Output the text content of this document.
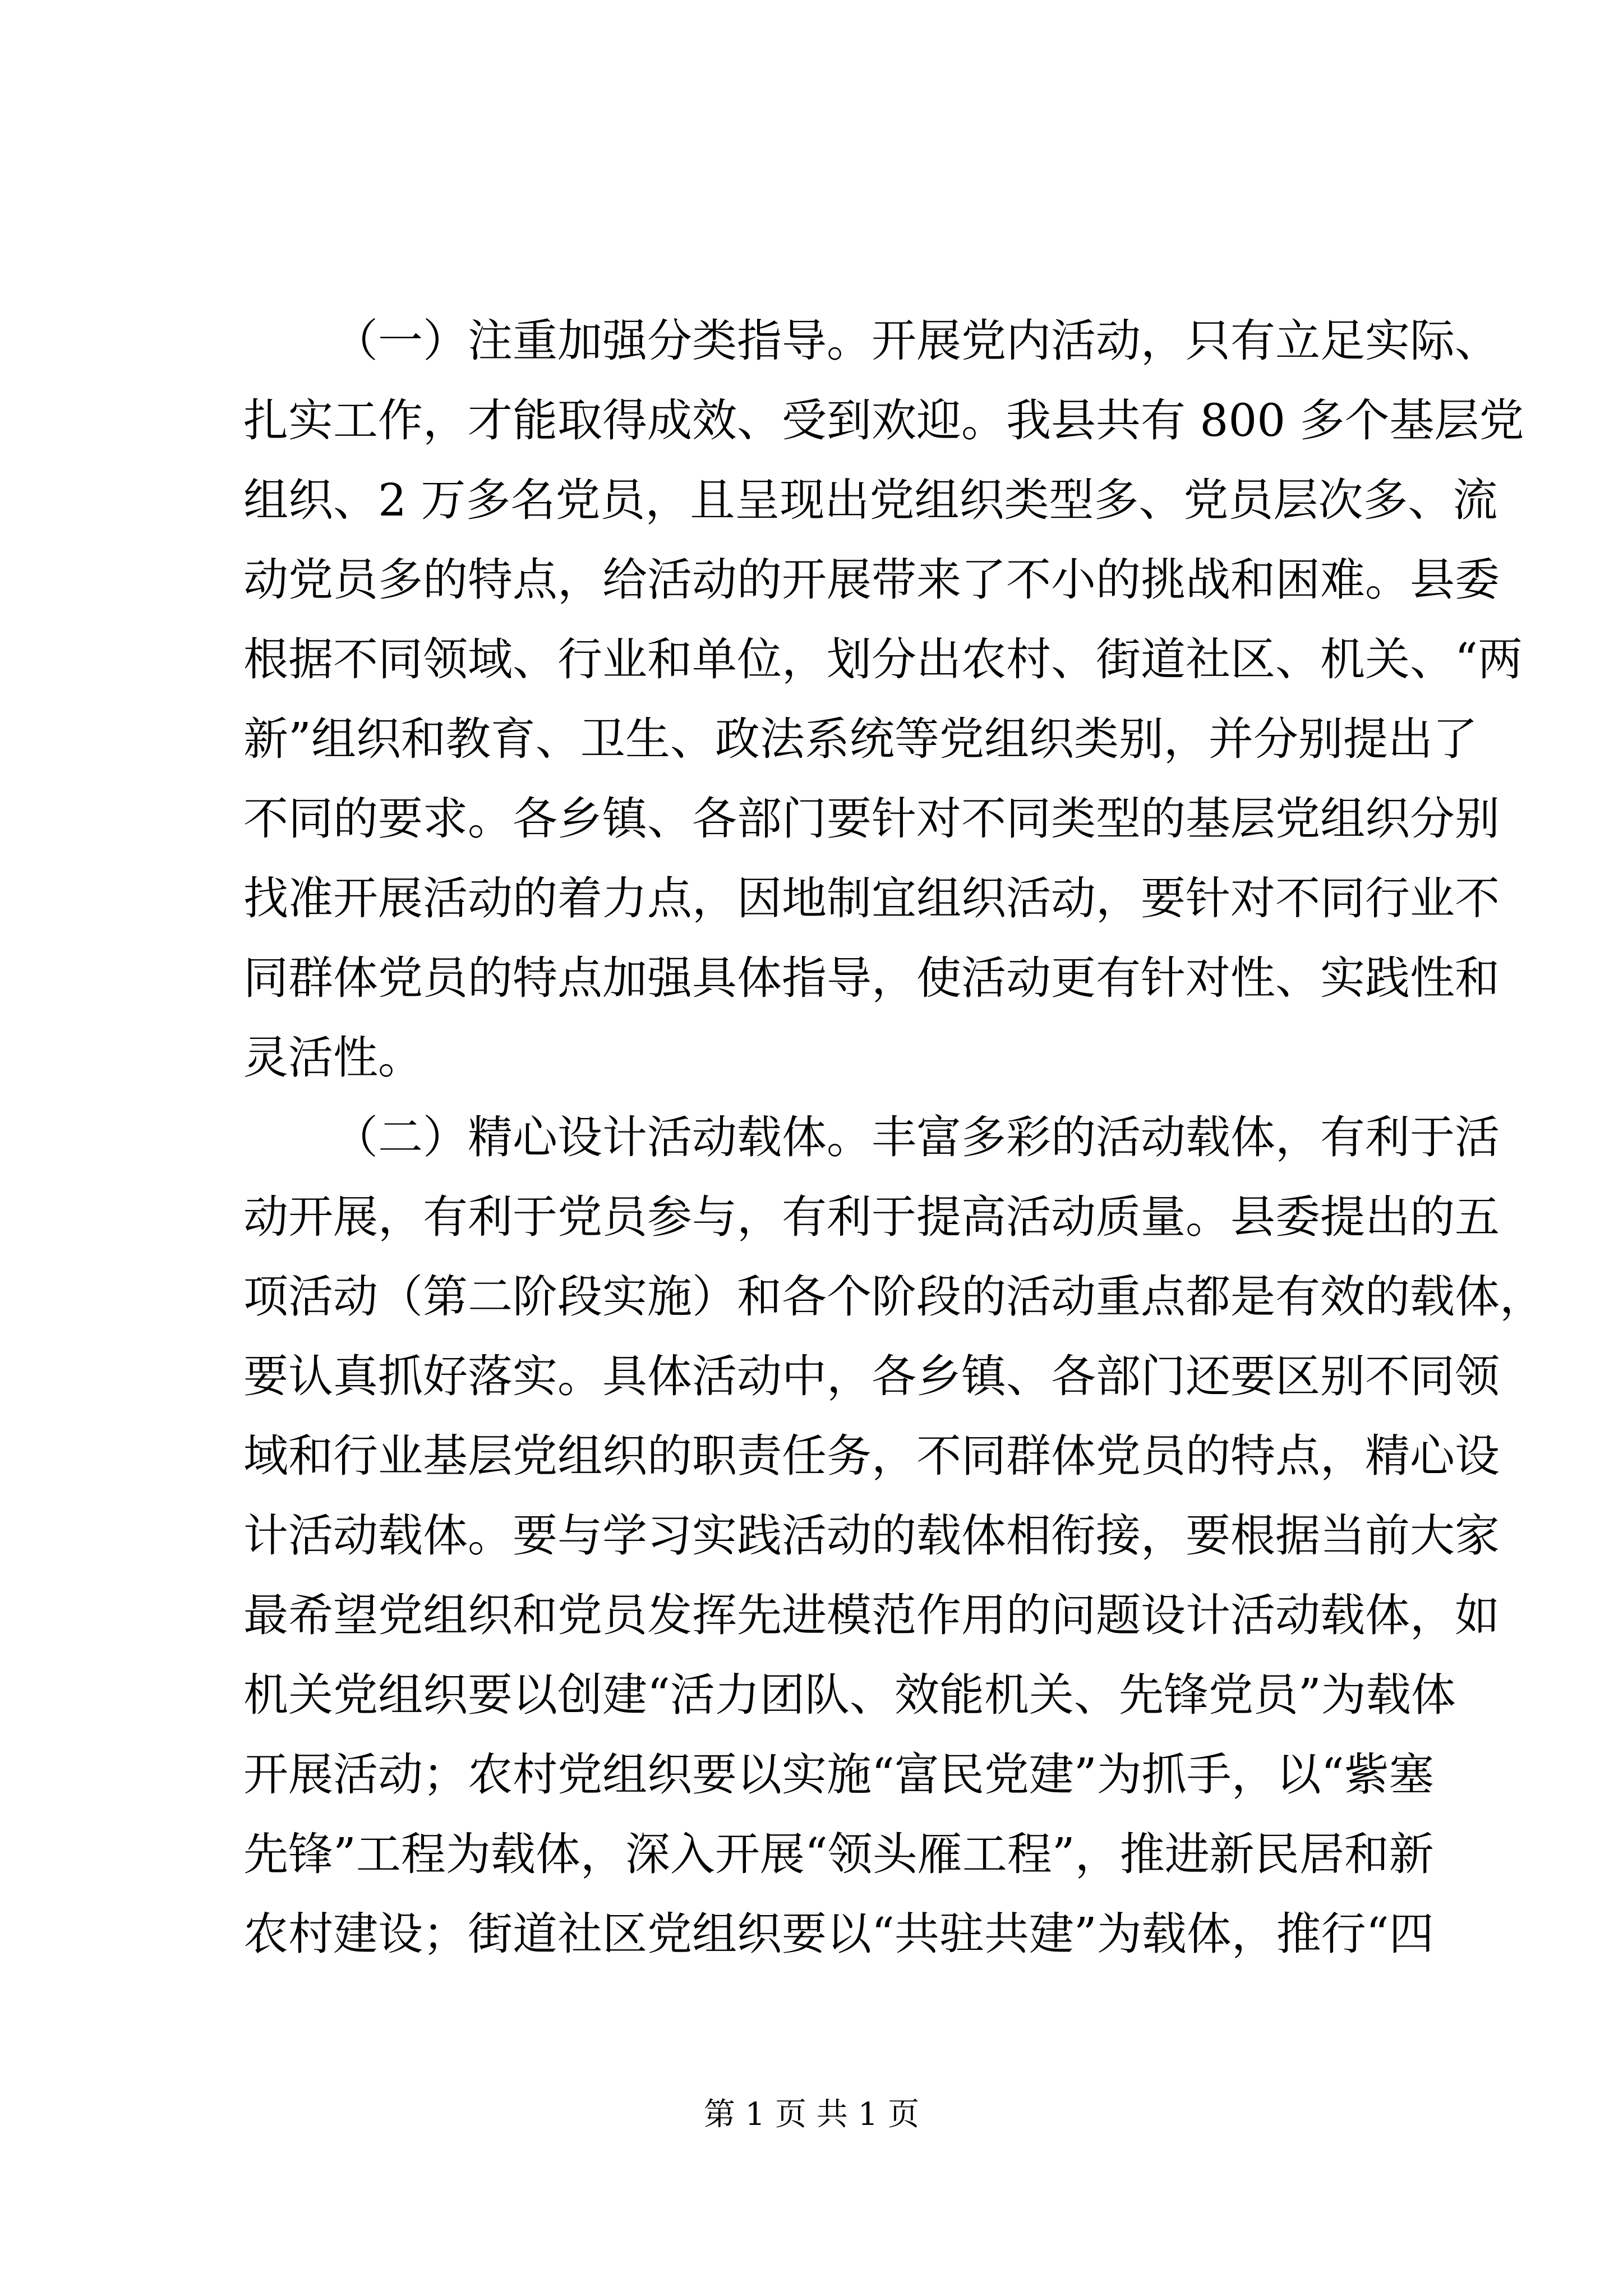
（一）注重加强分类指导。开展党内活动，只有立足实际、
扎实工作，才能取得成效、受到欢迎。我县共有 800 多个基层党
组织、2 万多名党员，且呈现出党组织类型多、党员层次多、流
动党员多的特点，给活动的开展带来了不小的挑战和困难。县委
根据不同领域、行业和单位，划分出农村、街道社区、机关、“两
新”组织和教育、卫生、政法系统等党组织类别，并分别提出了
不同的要求。各乡镇、各部门要针对不同类型的基层党组织分别
找准开展活动的着力点，因地制宜组织活动，要针对不同行业不
同群体党员的特点加强具体指导，使活动更有针对性、实践性和
灵活性。
（二）精心设计活动载体。丰富多彩的活动载体，有利于活
动开展，有利于党员参与，有利于提高活动质量。县委提出的五
项活动（第二阶段实施）和各个阶段的活动重点都是有效的载体，
要认真抓好落实。具体活动中，各乡镇、各部门还要区别不同领
域和行业基层党组织的职责任务，不同群体党员的特点，精心设
计活动载体。要与学习实践活动的载体相衔接，要根据当前大家
最希望党组织和党员发挥先进模范作用的问题设计活动载体，如
机关党组织要以创建“活力团队、效能机关、先锋党员”为载体
开展活动；农村党组织要以实施“富民党建”为抓手，以“紫塞
先锋”工程为载体，深入开展“领头雁工程”，推进新民居和新
农村建设；街道社区党组织要以“共驻共建”为载体，推行“四
第 1 页 共 1 页
